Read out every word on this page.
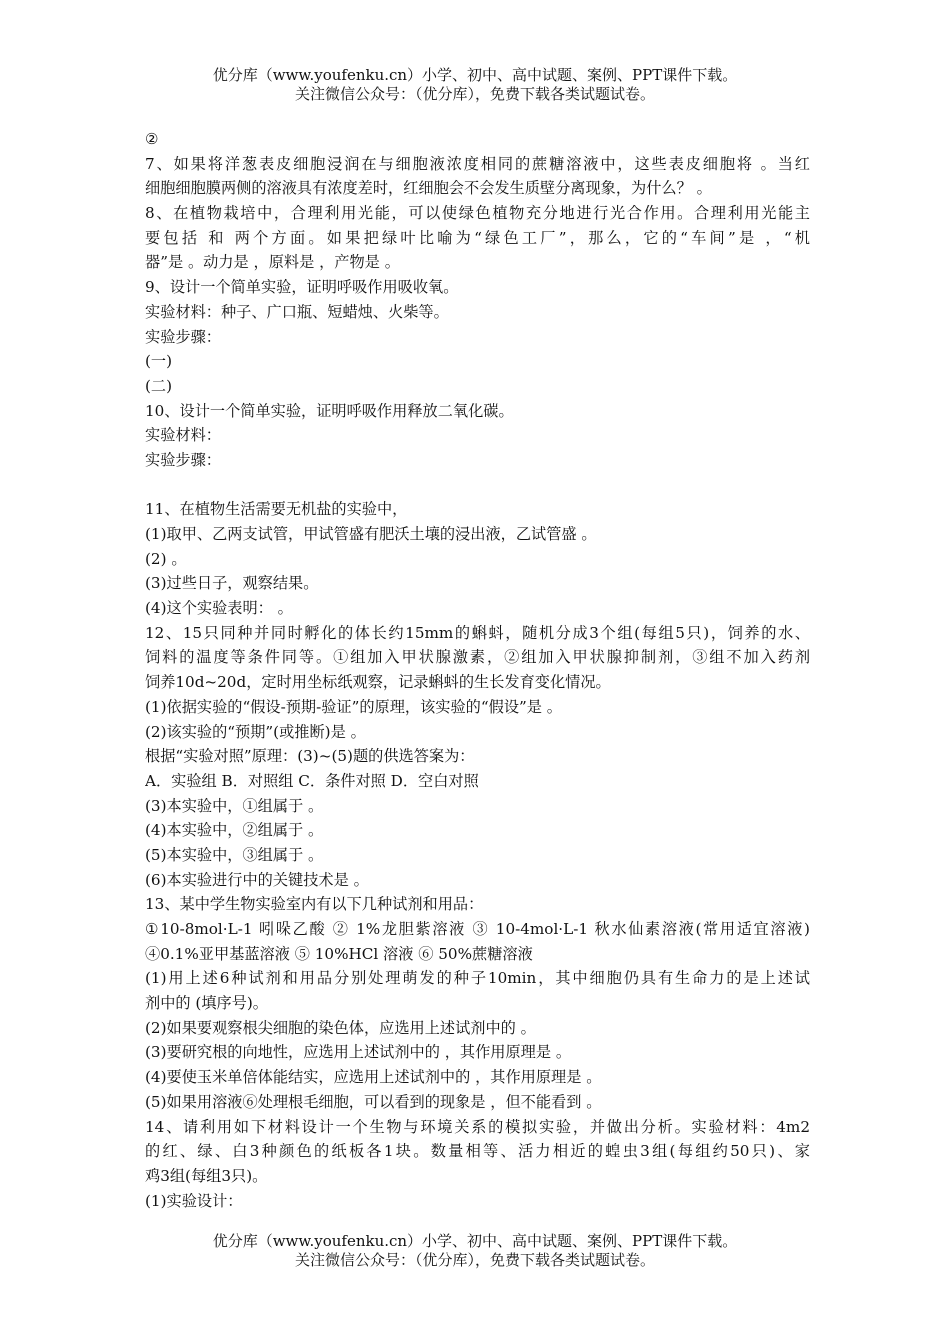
优分库（www.youfenku.cn）小学、初中、高中试题、案例、PPT课件下载。
关注微信公众号：（优分库），免费下载各类试题试卷。
②
7、如果将洋葱表皮细胞浸润在与细胞液浓度相同的蔗糖溶液中，这些表皮细胞将 。当红
细胞细胞膜两侧的溶液具有浓度差时，红细胞会不会发生质壁分离现象，为什么？ 。
8、在植物栽培中，合理利用光能，可以使绿色植物充分地进行光合作用。合理利用光能主
要包括 和 两个方面。如果把绿叶比喻为“绿色工厂”，那么，它的“车间”是 ，“机
器”是 。动力是 ，原料是 ，产物是 。
9、设计一个简单实验，证明呼吸作用吸收氧。
实验材料：种子、广口瓶、短蜡烛、火柴等。
实验步骤：
(一)
(二)
10、设计一个简单实验，证明呼吸作用释放二氧化碳。
实验材料：
实验步骤：
11、在植物生活需要无机盐的实验中，
(1)取甲、乙两支试管，甲试管盛有肥沃土壤的浸出液，乙试管盛 。
(2) 。
(3)过些日子，观察结果。
(4)这个实验表明： 。
12、15只同种并同时孵化的体长约15mm的蝌蚪，随机分成3个组(每组5只)，饲养的水、
饲料的温度等条件同等。①组加入甲状腺激素，②组加入甲状腺抑制剂，③组不加入药剂
饲养10d~20d，定时用坐标纸观察，记录蝌蚪的生长发育变化情况。
(1)依据实验的“假设-预期-验证”的原理，该实验的“假设”是 。
(2)该实验的“预期”(或推断)是 。
根据“实验对照”原理：(3)~(5)题的供选答案为：
A．实验组 B．对照组 C．条件对照 D．空白对照
(3)本实验中，①组属于 。
(4)本实验中，②组属于 。
(5)本实验中，③组属于 。
(6)本实验进行中的关键技术是 。
13、某中学生物实验室内有以下几种试剂和用品：
①10-8mol·L-1 吲哚乙酸 ② 1%龙胆紫溶液 ③ 10-4mol·L-1 秋水仙素溶液(常用适宜溶液)
④0.1%亚甲基蓝溶液 ⑤ 10%HCl 溶液 ⑥ 50%蔗糖溶液
(1)用上述6种试剂和用品分别处理萌发的种子10min，其中细胞仍具有生命力的是上述试
剂中的 (填序号)。
(2)如果要观察根尖细胞的染色体，应选用上述试剂中的 。
(3)要研究根的向地性，应选用上述试剂中的 ，其作用原理是 。
(4)要使玉米单倍体能结实，应选用上述试剂中的 ，其作用原理是 。
(5)如果用溶液⑥处理根毛细胞，可以看到的现象是 ，但不能看到 。
14、请利用如下材料设计一个生物与环境关系的模拟实验，并做出分析。实验材料：4m2
的红、绿、白3种颜色的纸板各1块。数量相等、活力相近的蝗虫3组(每组约50只)、家
鸡3组(每组3只)。
(1)实验设计：
优分库（www.youfenku.cn）小学、初中、高中试题、案例、PPT课件下载。
关注微信公众号：（优分库），免费下载各类试题试卷。
